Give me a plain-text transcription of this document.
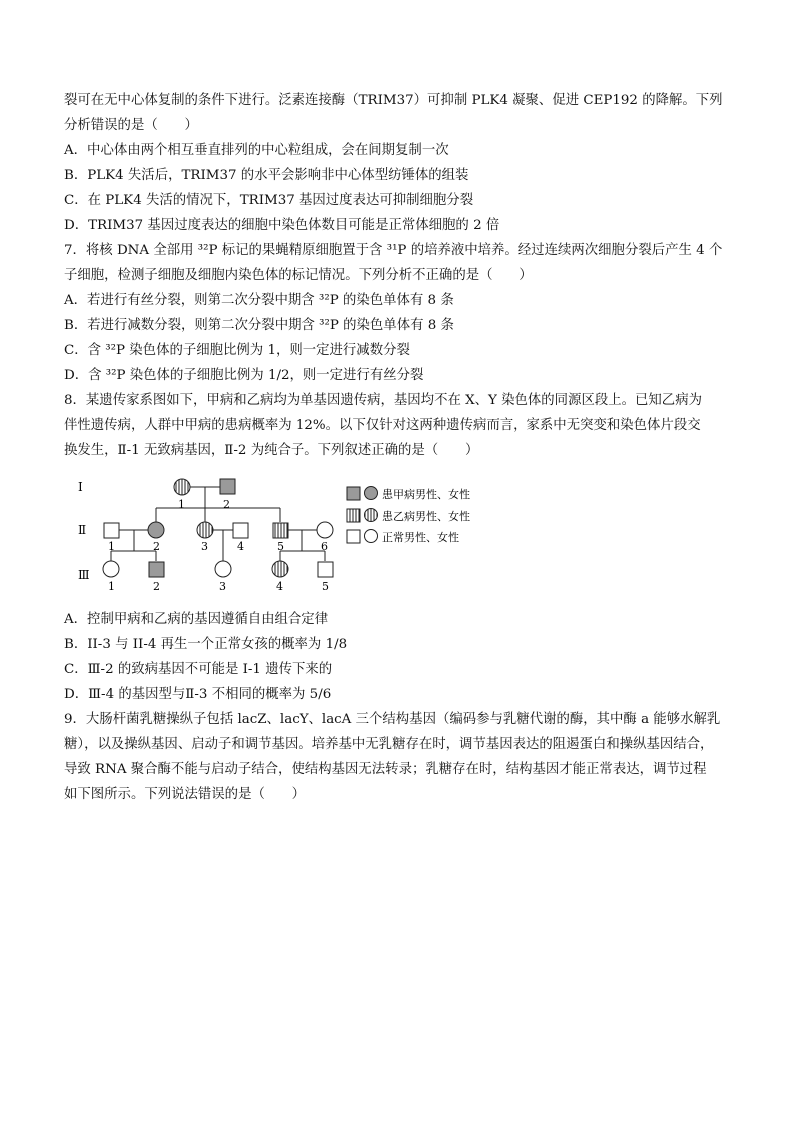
裂可在无中心体复制的条件下进行。泛素连接酶（TRIM37）可抑制 PLK4 凝聚、促进 CEP192 的降解。下列
分析错误的是（　　）
A．中心体由两个相互垂直排列的中心粒组成，会在间期复制一次
B．PLK4 失活后，TRIM37 的水平会影响非中心体型纺锤体的组装
C．在 PLK4 失活的情况下，TRIM37 基因过度表达可抑制细胞分裂
D．TRIM37 基因过度表达的细胞中染色体数目可能是正常体细胞的 2 倍
7．将核 DNA 全部用 ³²P 标记的果蝇精原细胞置于含 ³¹P 的培养液中培养。经过连续两次细胞分裂后产生 4 个
子细胞，检测子细胞及细胞内染色体的标记情况。下列分析不正确的是（　　）
A．若进行有丝分裂，则第二次分裂中期含 ³²P 的染色单体有 8 条
B．若进行减数分裂，则第二次分裂中期含 ³²P 的染色单体有 8 条
C．含 ³²P 染色体的子细胞比例为 1，则一定进行减数分裂
D．含 ³²P 染色体的子细胞比例为 1/2，则一定进行有丝分裂
8．某遗传家系图如下，甲病和乙病均为单基因遗传病，基因均不在 X、Y 染色体的同源区段上。已知乙病为
伴性遗传病，人群中甲病的患病概率为 12%。以下仅针对这两种遗传病而言，家系中无突变和染色体片段交
换发生，Ⅱ-1 无致病基因，Ⅱ-2 为纯合子。下列叙述正确的是（　　）
Ⅰ
Ⅱ
Ⅲ
1	2
1	2	3	4	5	6
1	2	3	4	5
患甲病男性、女性
患乙病男性、女性
正常男性、女性
A．控制甲病和乙病的基因遵循自由组合定律
B．II-3 与 II-4 再生一个正常女孩的概率为 1/8
C．Ⅲ-2 的致病基因不可能是 I-1 遗传下来的
D．Ⅲ-4 的基因型与Ⅱ-3 不相同的概率为 5/6
9．大肠杆菌乳糖操纵子包括 lacZ、lacY、lacA 三个结构基因（编码参与乳糖代谢的酶，其中酶 a 能够水解乳
糖），以及操纵基因、启动子和调节基因。培养基中无乳糖存在时，调节基因表达的阻遏蛋白和操纵基因结合，
导致 RNA 聚合酶不能与启动子结合，使结构基因无法转录；乳糖存在时，结构基因才能正常表达，调节过程
如下图所示。下列说法错误的是（　　）
